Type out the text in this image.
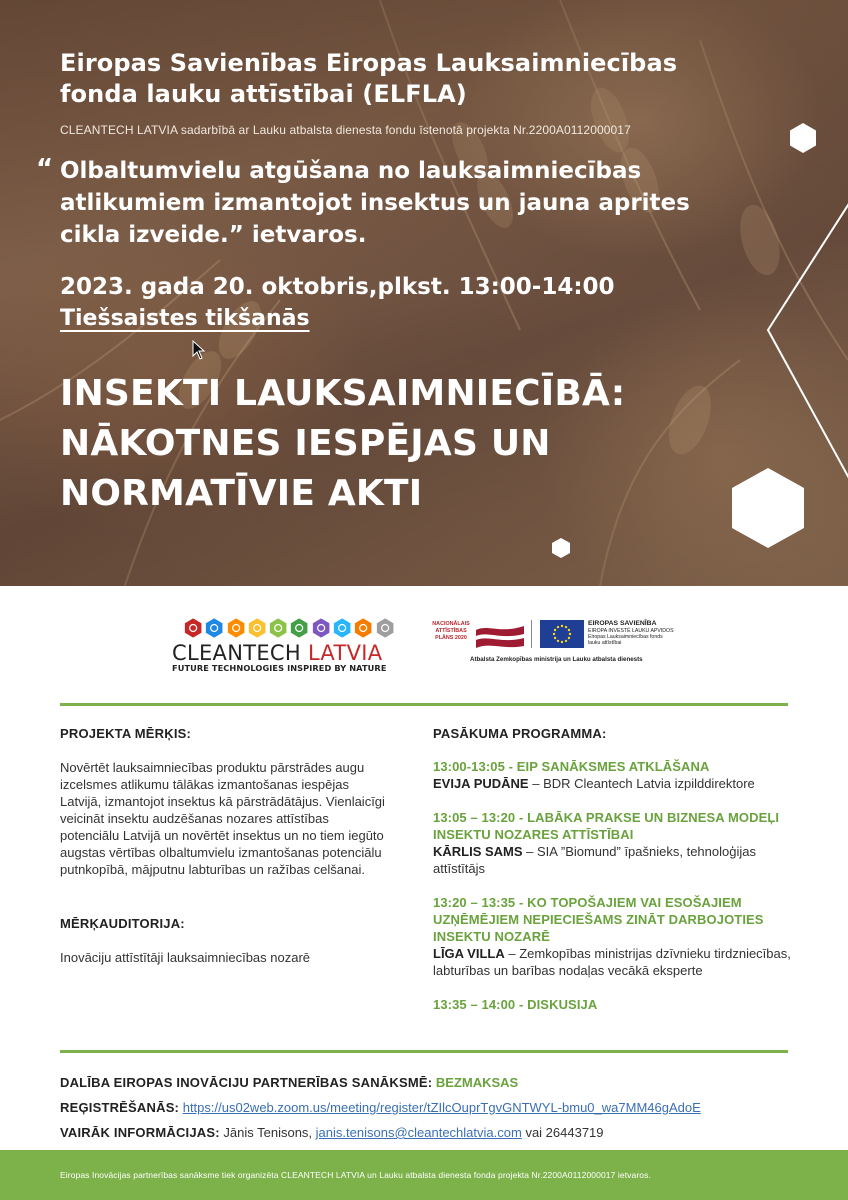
Eiropas Savienības Eiropas Lauksaimniecības
fonda lauku attīstībai (ELFLA)
CLEANTECH LATVIA sadarbībā ar Lauku atbalsta dienesta fondu īstenotā projekta Nr.2200A0112000017
“ Olbaltumvielu atgūšana no lauksaimniecības
atlikumiem izmantojot insektus un jauna aprites
cikla izveide.” ietvaros.
2023. gada 20. oktobris,plkst. 13:00-14:00
Tiešsaistes tikšanās
INSEKTI LAUKSAIMNIECĪBĀ:
NĀKOTNES IESPĒJAS UN
NORMATĪVIE AKTI
CLEANTECH LATVIA
FUTURE TECHNOLOGIES INSPIRED BY NATURE
NACIONĀLAIS
ATTĪSTĪBAS
PLĀNS 2020
EIROPAS SAVIENĪBA
EIROPA INVESTĒ LAUKU APVIDOS
Eiropas Lauksaimniecības fonds
lauku attīstībai
Atbalsta Zemkopības ministrija un Lauku atbalsta dienests
PROJEKTA MĒRĶIS:
Novērtēt lauksaimniecības produktu pārstrādes augu izcelsmes atlikumu tālākas izmantošanas iespējas Latvijā, izmantojot insektus kā pārstrādātājus. Vienlaicīgi veicināt insektu audzēšanas nozares attīstības potenciālu Latvijā un novērtēt insektus un no tiem iegūto augstas vērtības olbaltumvielu izmantošanas potenciālu putnkopībā, mājputnu labturības un ražības celšanai.
MĒRĶAUDITORIJA:
Inovāciju attīstītāji lauksaimniecības nozarē
PASĀKUMA PROGRAMMA:
13:00-13:05 - EIP SANĀKSMES ATKLĀŠANA
EVIJA PUDĀNE – BDR Cleantech Latvia izpilddirektore
13:05 – 13:20 - LABĀKA PRAKSE UN BIZNESA MODEĻI INSEKTU NOZARES ATTĪSTĪBAI
KĀRLIS SAMS – SIA ”Biomund” īpašnieks, tehnoloģijas attīstītājs
13:20 – 13:35 - KO TOPOŠAJIEM VAI ESOŠAJIEM UZŅĒMĒJIEM NEPIECIEŠAMS ZINĀT DARBOJOTIES INSEKTU NOZARĒ
LĪGA VILLA – Zemkopības ministrijas dzīvnieku tirdzniecības, labturības un barības nodaļas vecākā eksperte
13:35 – 14:00 - DISKUSIJA
DALĪBA EIROPAS INOVĀCIJU PARTNERĪBAS SANĀKSMĒ: BEZMAKSAS
REĢISTRĒŠANĀS: https://us02web.zoom.us/meeting/register/tZIlcOuprTgvGNTWYL-bmu0_wa7MM46gAdoE
VAIRĀK INFORMĀCIJAS: Jānis Tenisons, janis.tenisons@cleantechlatvia.com vai 26443719
Eiropas Inovācijas partnerības sanāksme tiek organizēta CLEANTECH LATVIA un Lauku atbalsta dienesta fonda projekta Nr.2200A0112000017 ietvaros.
